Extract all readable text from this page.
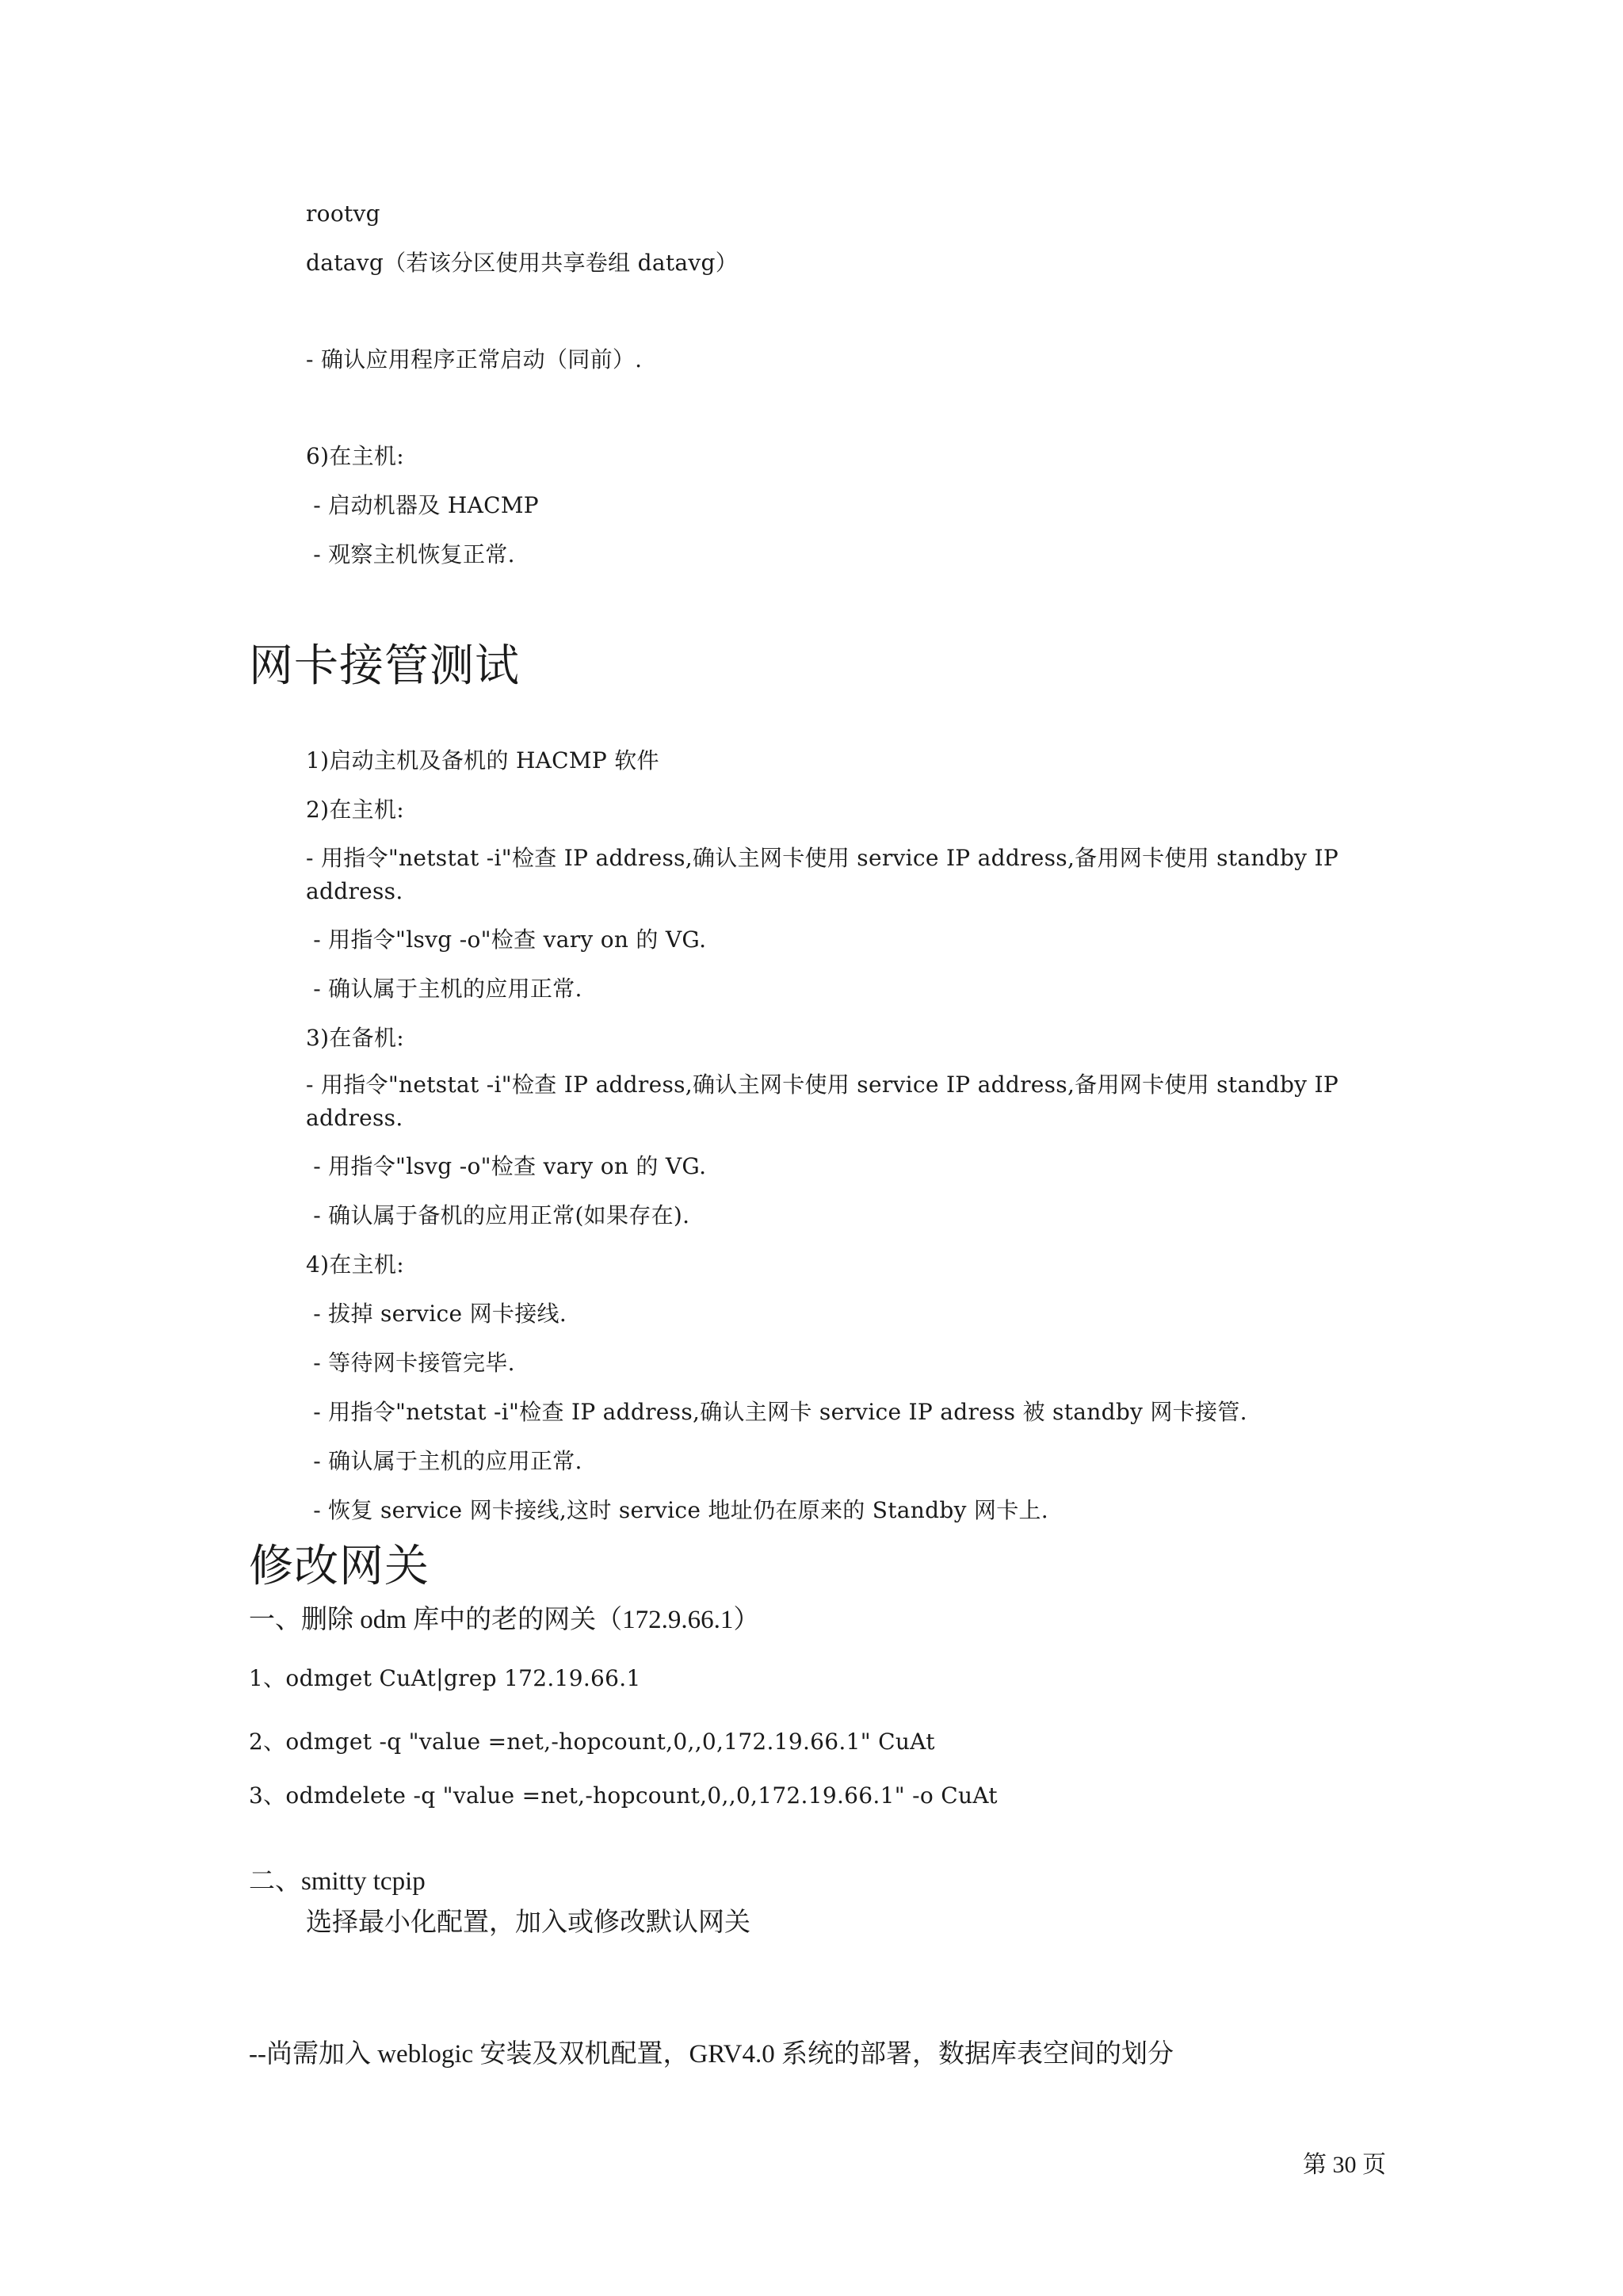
rootvg
datavg（若该分区使用共享卷组 datavg）
- 确认应用程序正常启动（同前）.
6)在主机:
- 启动机器及 HACMP
- 观察主机恢复正常.
网卡接管测试
1)启动主机及备机的 HACMP 软件
2)在主机:
- 用指令"netstat -i"检查 IP address,确认主网卡使用 service IP address,备用网卡使用 standby IP address.
- 用指令"lsvg -o"检查 vary on 的 VG.
- 确认属于主机的应用正常.
3)在备机:
- 用指令"netstat -i"检查 IP address,确认主网卡使用 service IP address,备用网卡使用 standby IP address.
- 用指令"lsvg -o"检查 vary on 的 VG.
- 确认属于备机的应用正常(如果存在).
4)在主机:
- 拔掉 service 网卡接线.
- 等待网卡接管完毕.
- 用指令"netstat -i"检查 IP address,确认主网卡 service IP adress 被 standby 网卡接管.
- 确认属于主机的应用正常.
- 恢复 service 网卡接线,这时 service 地址仍在原来的 Standby 网卡上.
修改网关
一、删除 odm 库中的老的网关（172.9.66.1）
1、odmget CuAt|grep 172.19.66.1
2、odmget -q "value =net,-hopcount,0,,0,172.19.66.1" CuAt
3、odmdelete -q "value =net,-hopcount,0,,0,172.19.66.1" -o CuAt
二、smitty tcpip
选择最小化配置，加入或修改默认网关
--尚需加入 weblogic 安装及双机配置，GRV4.0 系统的部署，数据库表空间的划分
第 30 页
